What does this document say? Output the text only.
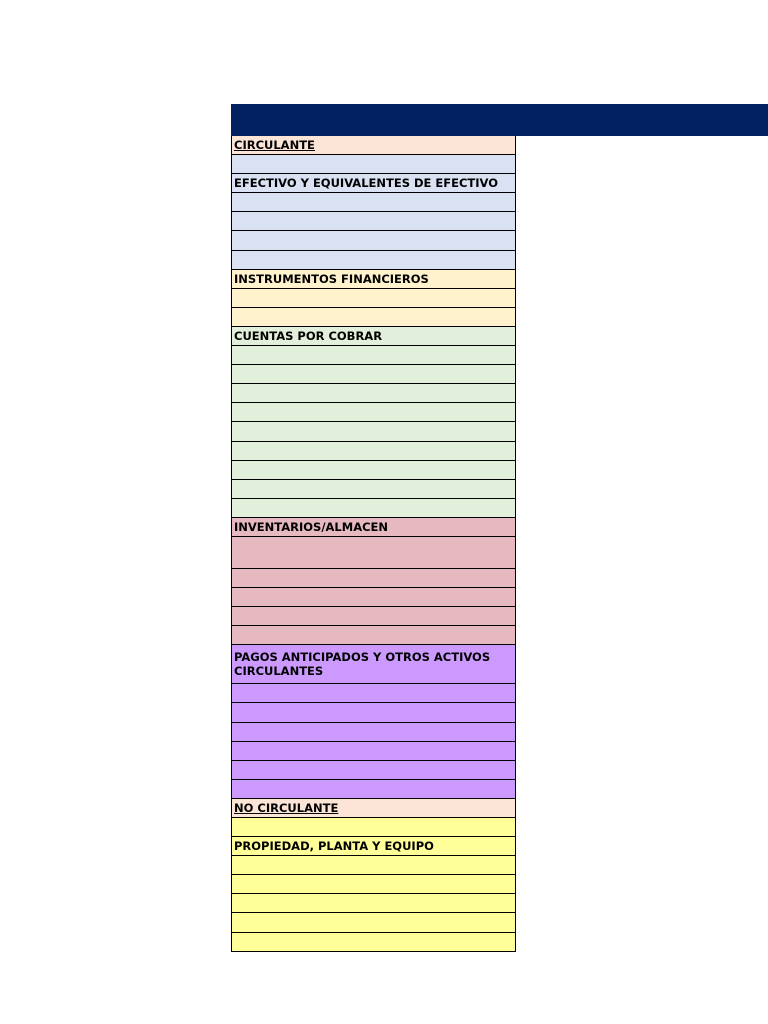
CIRCULANTE
EFECTIVO Y EQUIVALENTES DE EFECTIVO
INSTRUMENTOS FINANCIEROS
CUENTAS POR COBRAR
INVENTARIOS/ALMACEN
PAGOS ANTICIPADOS Y OTROS ACTIVOS CIRCULANTES
NO CIRCULANTE
PROPIEDAD, PLANTA Y EQUIPO
